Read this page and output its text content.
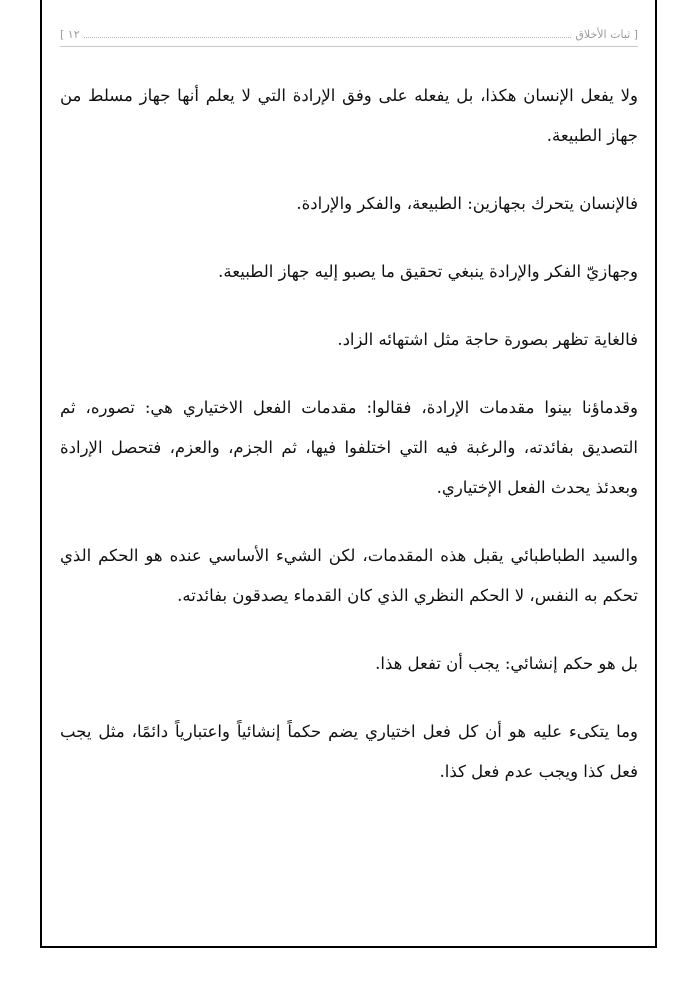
[ ثبات الأخلاق
١٢ ]

ولا يفعل الإنسان هكذا، بل يفعله على وفق الإرادة التي لا يعلم أنها جهاز مسلط من جهاز الطبيعة.

فالإنسان يتحرك بجهازين: الطبيعة، والفكر والإرادة.

وجهازيّ الفكر والإرادة ينبغي تحقيق ما يصبو إليه جهاز الطبيعة.

فالغاية تظهر بصورة حاجة مثل اشتهائه الزاد.

وقدماؤنا بينوا مقدمات الإرادة، فقالوا: مقدمات الفعل الاختياري هي: تصوره، ثم التصديق بفائدته، والرغبة فيه التي اختلفوا فيها، ثم الجزم، والعزم، فتحصل الإرادة وبعدئذ يحدث الفعل الإختياري.

والسيد الطباطبائي يقبل هذه المقدمات، لكن الشيء الأساسي عنده هو الحكم الذي تحكم به النفس، لا الحكم النظري الذي كان القدماء يصدقون بفائدته.

بل هو حكم إنشائي: يجب أن تفعل هذا.

وما يتكىء عليه هو أن كل فعل اختياري يضم حكماً إنشائياً واعتبارياً دائمًا، مثل يجب فعل كذا ويجب عدم فعل كذا.
